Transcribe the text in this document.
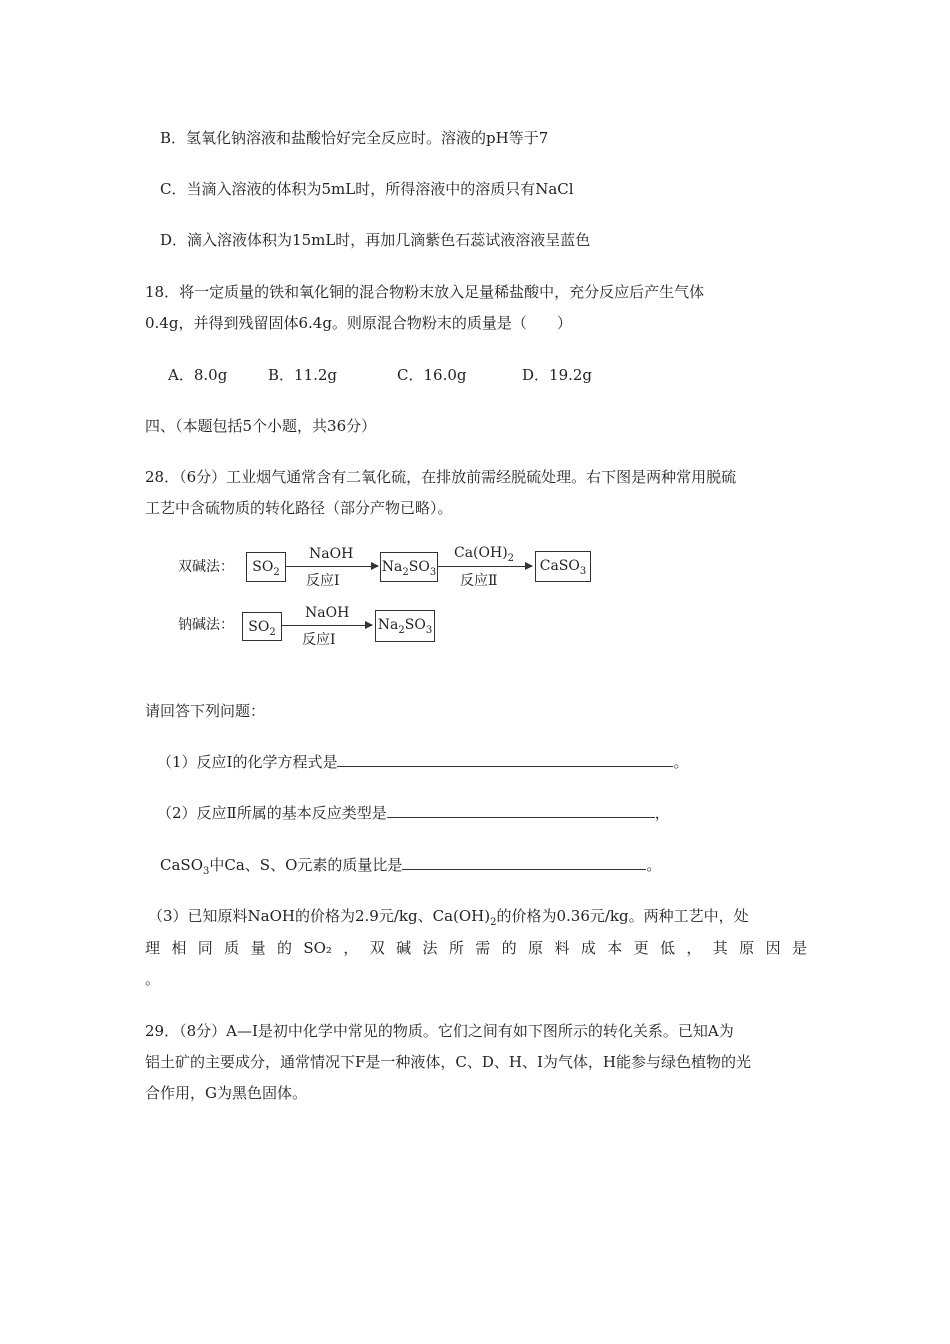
B．氢氧化钠溶液和盐酸恰好完全反应时。溶液的pH等于7
C．当滴入溶液的体积为5mL时，所得溶液中的溶质只有NaCl
D．滴入溶液体积为15mL时，再加几滴紫色石蕊试液溶液呈蓝色
18．将一定质量的铁和氧化铜的混合物粉末放入足量稀盐酸中，充分反应后产生气体
0.4g，并得到残留固体6.4g。则原混合物粉末的质量是（　　）
A．8.0g	B．11.2g	C．16.0g	D．19.2g
四、（本题包括5个小题，共36分）
28．（6分）工业烟气通常含有二氧化硫，在排放前需经脱硫处理。右下图是两种常用脱硫
工艺中含硫物质的转化路径（部分产物已略）。
双碱法：	$SO_2$
NaOH
反应Ⅰ
$Na_2SO_3$
$Ca(OH)_2$
反应Ⅱ
CaSO$_3$
钠碱法：	$SO_2$
NaOH
反应Ⅰ
$Na_2SO_3$
请回答下列问题：
（1）反应Ⅰ的化学方程式是	。
（2）反应Ⅱ所属的基本反应类型是	，
CaSO$_3$中Ca、S、O元素的质量比是	。
（3）已知原料NaOH的价格为2.9元/kg、$Ca(OH)_2$的价格为0.36元/kg。两种工艺中，处
理 相 同 质 量 的 SO₂ ， 双 碱 法 所 需 的 原 料 成 本 更 低 ， 其 原 因 是
。
29．（8分）A—I是初中化学中常见的物质。它们之间有如下图所示的转化关系。已知A为
铝土矿的主要成分，通常情况下F是一种液体，C、D、H、I为气体，H能参与绿色植物的光
合作用，G为黑色固体。
